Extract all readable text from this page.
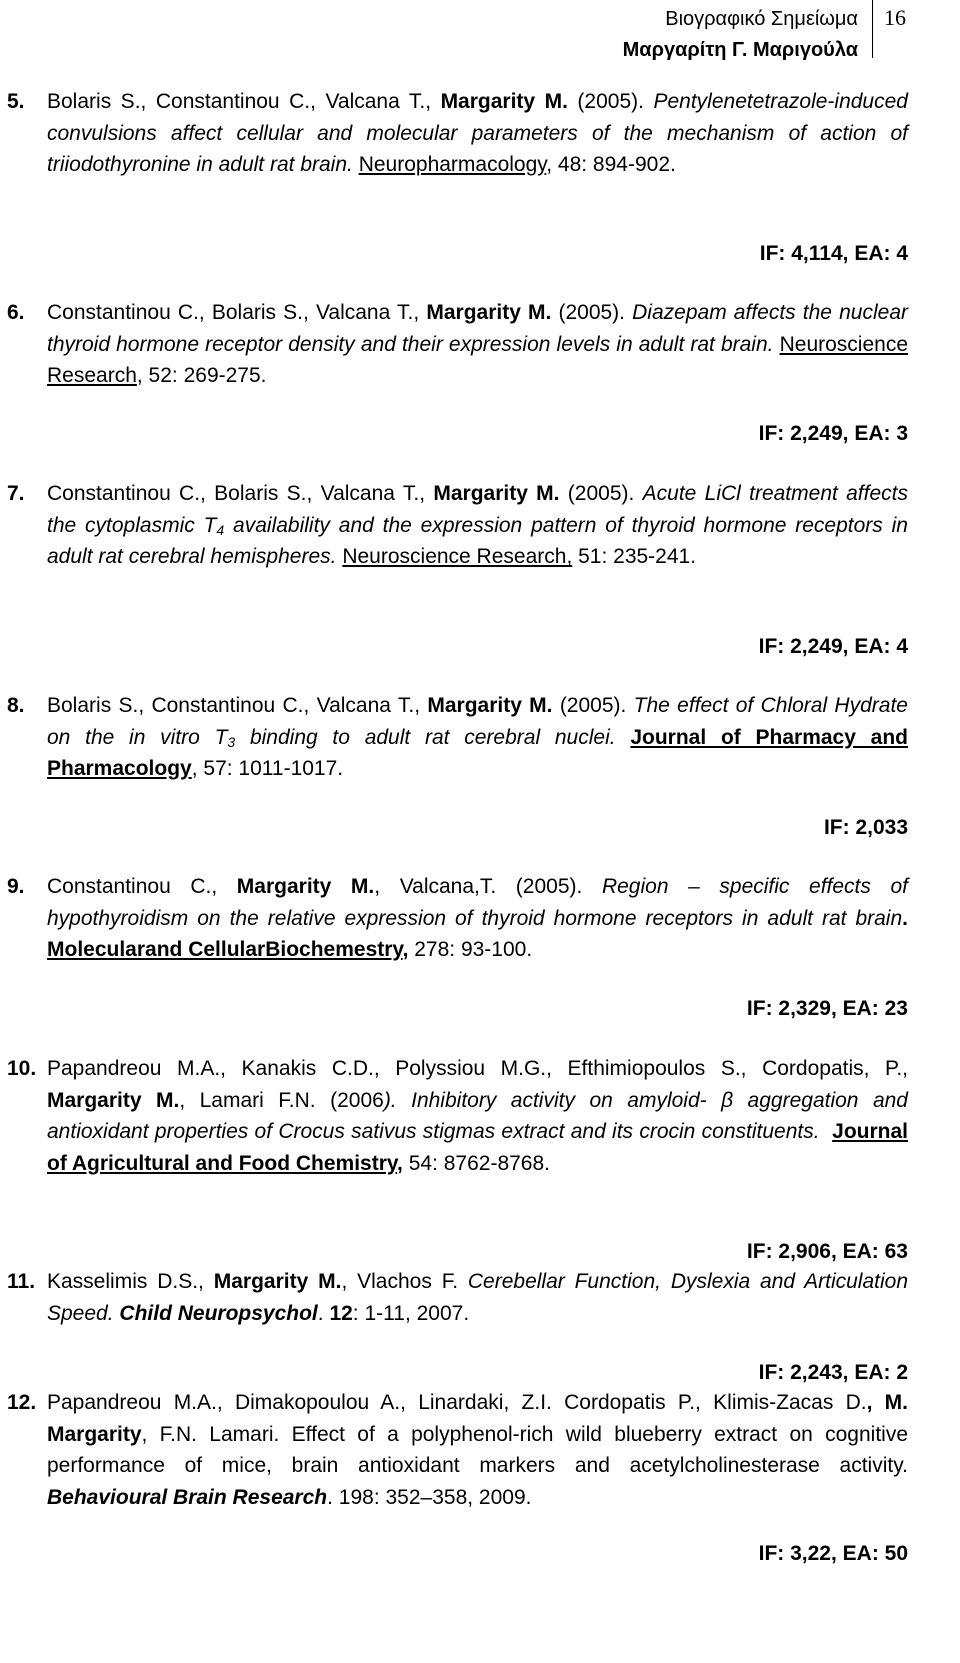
Βιογραφικό Σημείωμα
Μαργαρίτη Γ. Μαριγούλα
16
5.	Bolaris S., Constantinou C., Valcana T., Margarity M. (2005). Pentylenetetrazole-induced convulsions affect cellular and molecular parameters of the mechanism of action of triiodothyronine in adult rat brain. Neuropharmacology, 48: 894-902.
IF: 4,114, EA: 4
6.	Constantinou C., Bolaris S., Valcana T., Margarity M. (2005). Diazepam affects the nuclear thyroid hormone receptor density and their expression levels in adult rat brain. Neuroscience Research, 52: 269-275.
IF: 2,249, EA: 3
7.	Constantinou C., Bolaris S., Valcana T., Margarity M. (2005). Acute LiCl treatment affects the cytoplasmic $T_4$ availability and the expression pattern of thyroid hormone receptors in adult rat cerebral hemispheres. Neuroscience Research, 51: 235-241.
IF: 2,249, EA: 4
8.	Bolaris S., Constantinou C., Valcana T., Margarity M. (2005). The effect of Chloral Hydrate on the in vitro $T_3$ binding to adult rat cerebral nuclei. Journal of Pharmacy and Pharmacology, 57: 1011-1017.
IF: 2,033
9.	Constantinou C., Margarity M., Valcana,T. (2005). Region – specific effects of hypothyroidism on the relative expression of thyroid hormone receptors in adult rat brain. Molecularand CellularBiochemestry, 278: 93-100.
IF: 2,329, EA: 23
10. Papandreou M.A., Kanakis C.D., Polyssiou M.G., Efthimiopoulos S., Cordopatis, P., Margarity M., Lamari F.N. (2006). Inhibitory activity on amyloid- β aggregation and antioxidant properties of Crocus sativus stigmas extract and its crocin constituents. Journal of Agricultural and Food Chemistry, 54: 8762-8768.
IF: 2,906, EA: 63
11. Kasselimis D.S., Margarity M., Vlachos F. Cerebellar Function, Dyslexia and Articulation Speed. Child Neuropsychol. 12: 1-11, 2007.
IF: 2,243, EA: 2
12. Papandreou M.A., Dimakopoulou A., Linardaki, Z.I. Cordopatis P., Klimis-Zacas D., M. Margarity, F.N. Lamari. Effect of a polyphenol-rich wild blueberry extract on cognitive performance of mice, brain antioxidant markers and acetylcholinesterase activity. Behavioural Brain Research. 198: 352–358, 2009.
IF: 3,22, EA: 50
